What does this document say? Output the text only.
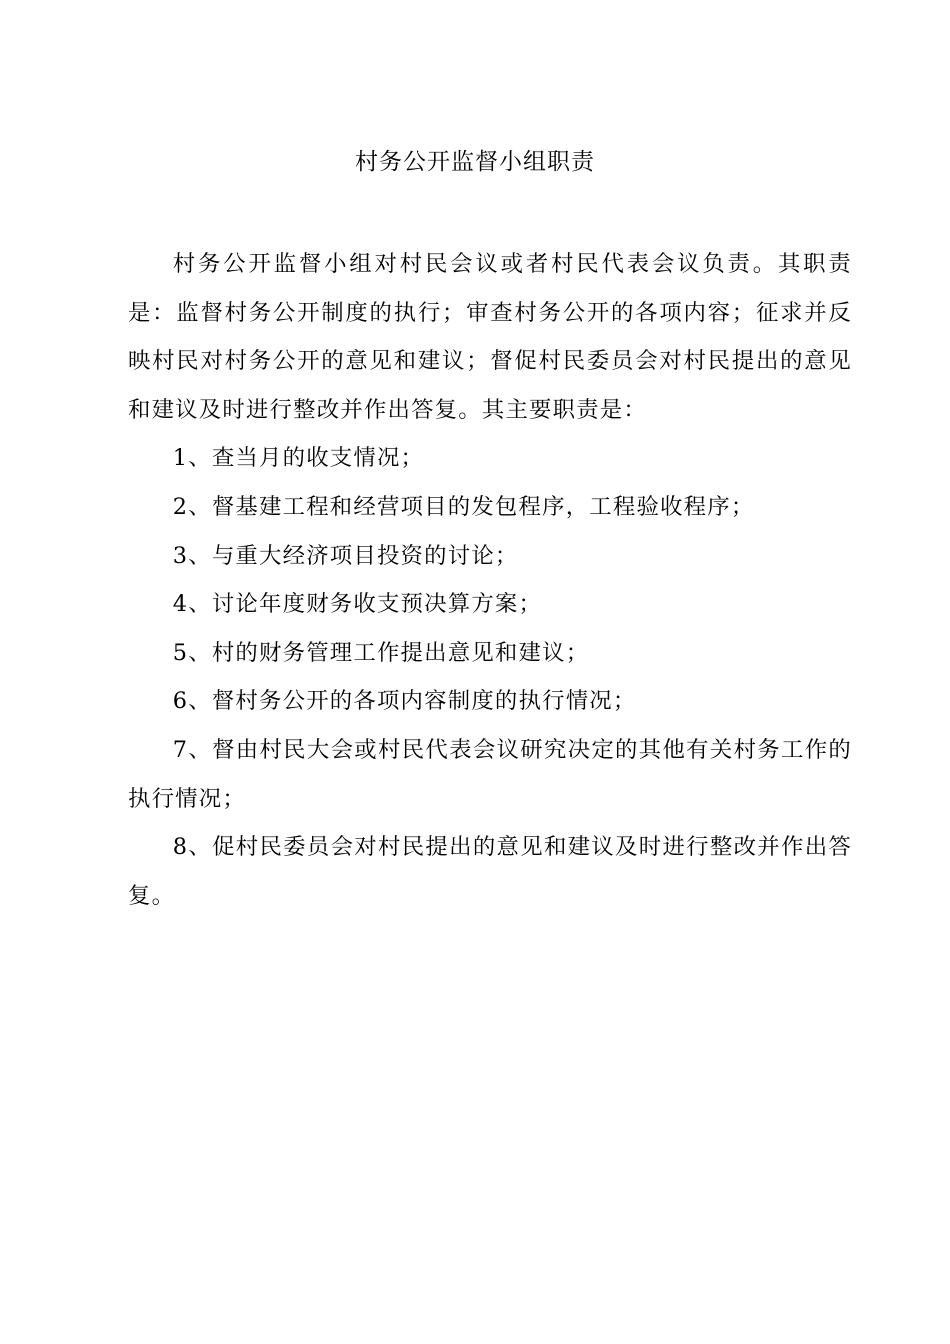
村务公开监督小组职责

村务公开监督小组对村民会议或者村民代表会议负责。其职责是：监督村务公开制度的执行；审查村务公开的各项内容；征求并反映村民对村务公开的意见和建议；督促村民委员会对村民提出的意见和建议及时进行整改并作出答复。其主要职责是：

1、查当月的收支情况；

2、督基建工程和经营项目的发包程序，工程验收程序；

3、与重大经济项目投资的讨论；

4、讨论年度财务收支预决算方案；

5、村的财务管理工作提出意见和建议；

6、督村务公开的各项内容制度的执行情况；

7、督由村民大会或村民代表会议研究决定的其他有关村务工作的执行情况；

8、促村民委员会对村民提出的意见和建议及时进行整改并作出答复。
